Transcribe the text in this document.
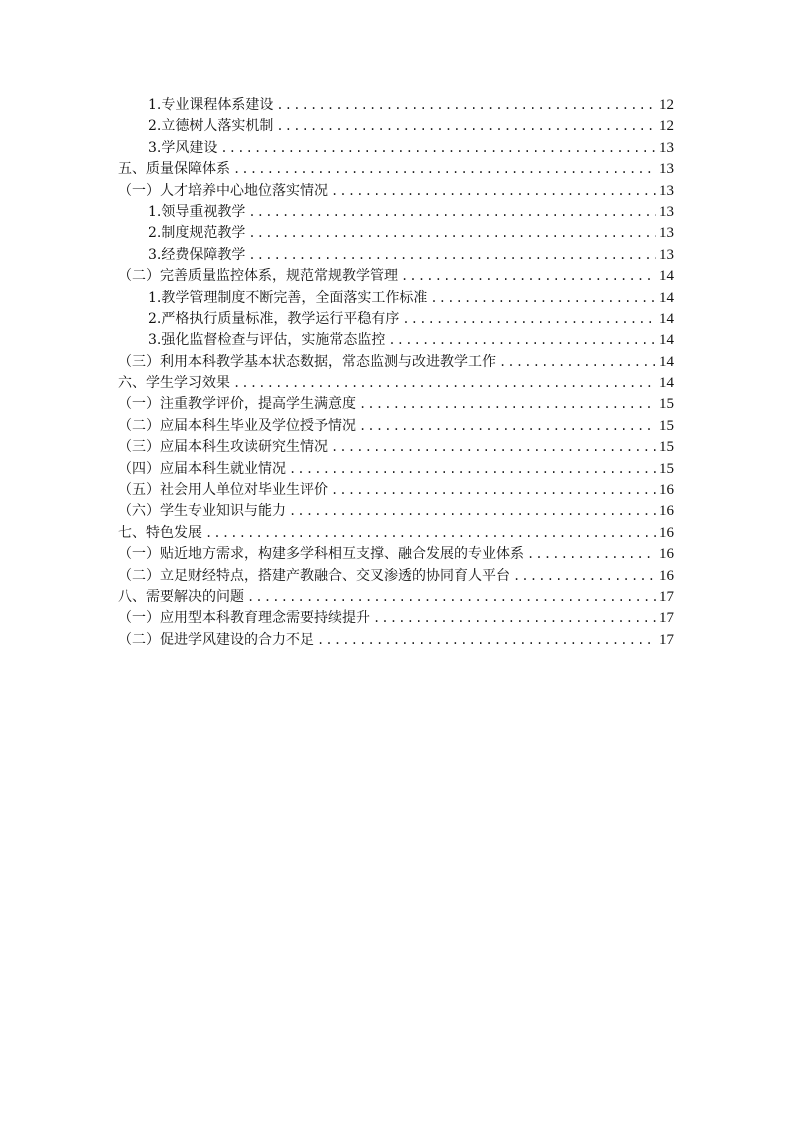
1.专业课程体系建设 .....	12
2.立德树人落实机制 .....	12
3.学风建设 .....	13
五、质量保障体系 .....	13
（一）人才培养中心地位落实情况 .....	13
1.领导重视教学 .....	13
2.制度规范教学 .....	13
3.经费保障教学 .....	13
（二）完善质量监控体系，规范常规教学管理 .....	14
1.教学管理制度不断完善，全面落实工作标准 .....	14
2.严格执行质量标准，教学运行平稳有序 .....	14
3.强化监督检查与评估，实施常态监控 .....	14
（三）利用本科教学基本状态数据，常态监测与改进教学工作 .....	14
六、学生学习效果 .....	14
（一）注重教学评价，提高学生满意度 .....	15
（二）应届本科生毕业及学位授予情况 .....	15
（三）应届本科生攻读研究生情况 .....	15
（四）应届本科生就业情况 .....	15
（五）社会用人单位对毕业生评价 .....	16
（六）学生专业知识与能力 .....	16
七、特色发展 .....	16
（一）贴近地方需求，构建多学科相互支撑、融合发展的专业体系 .....	16
（二）立足财经特点，搭建产教融合、交叉渗透的协同育人平台 .....	16
八、需要解决的问题 .....	17
（一）应用型本科教育理念需要持续提升 .....	17
（二）促进学风建设的合力不足 .....	17
